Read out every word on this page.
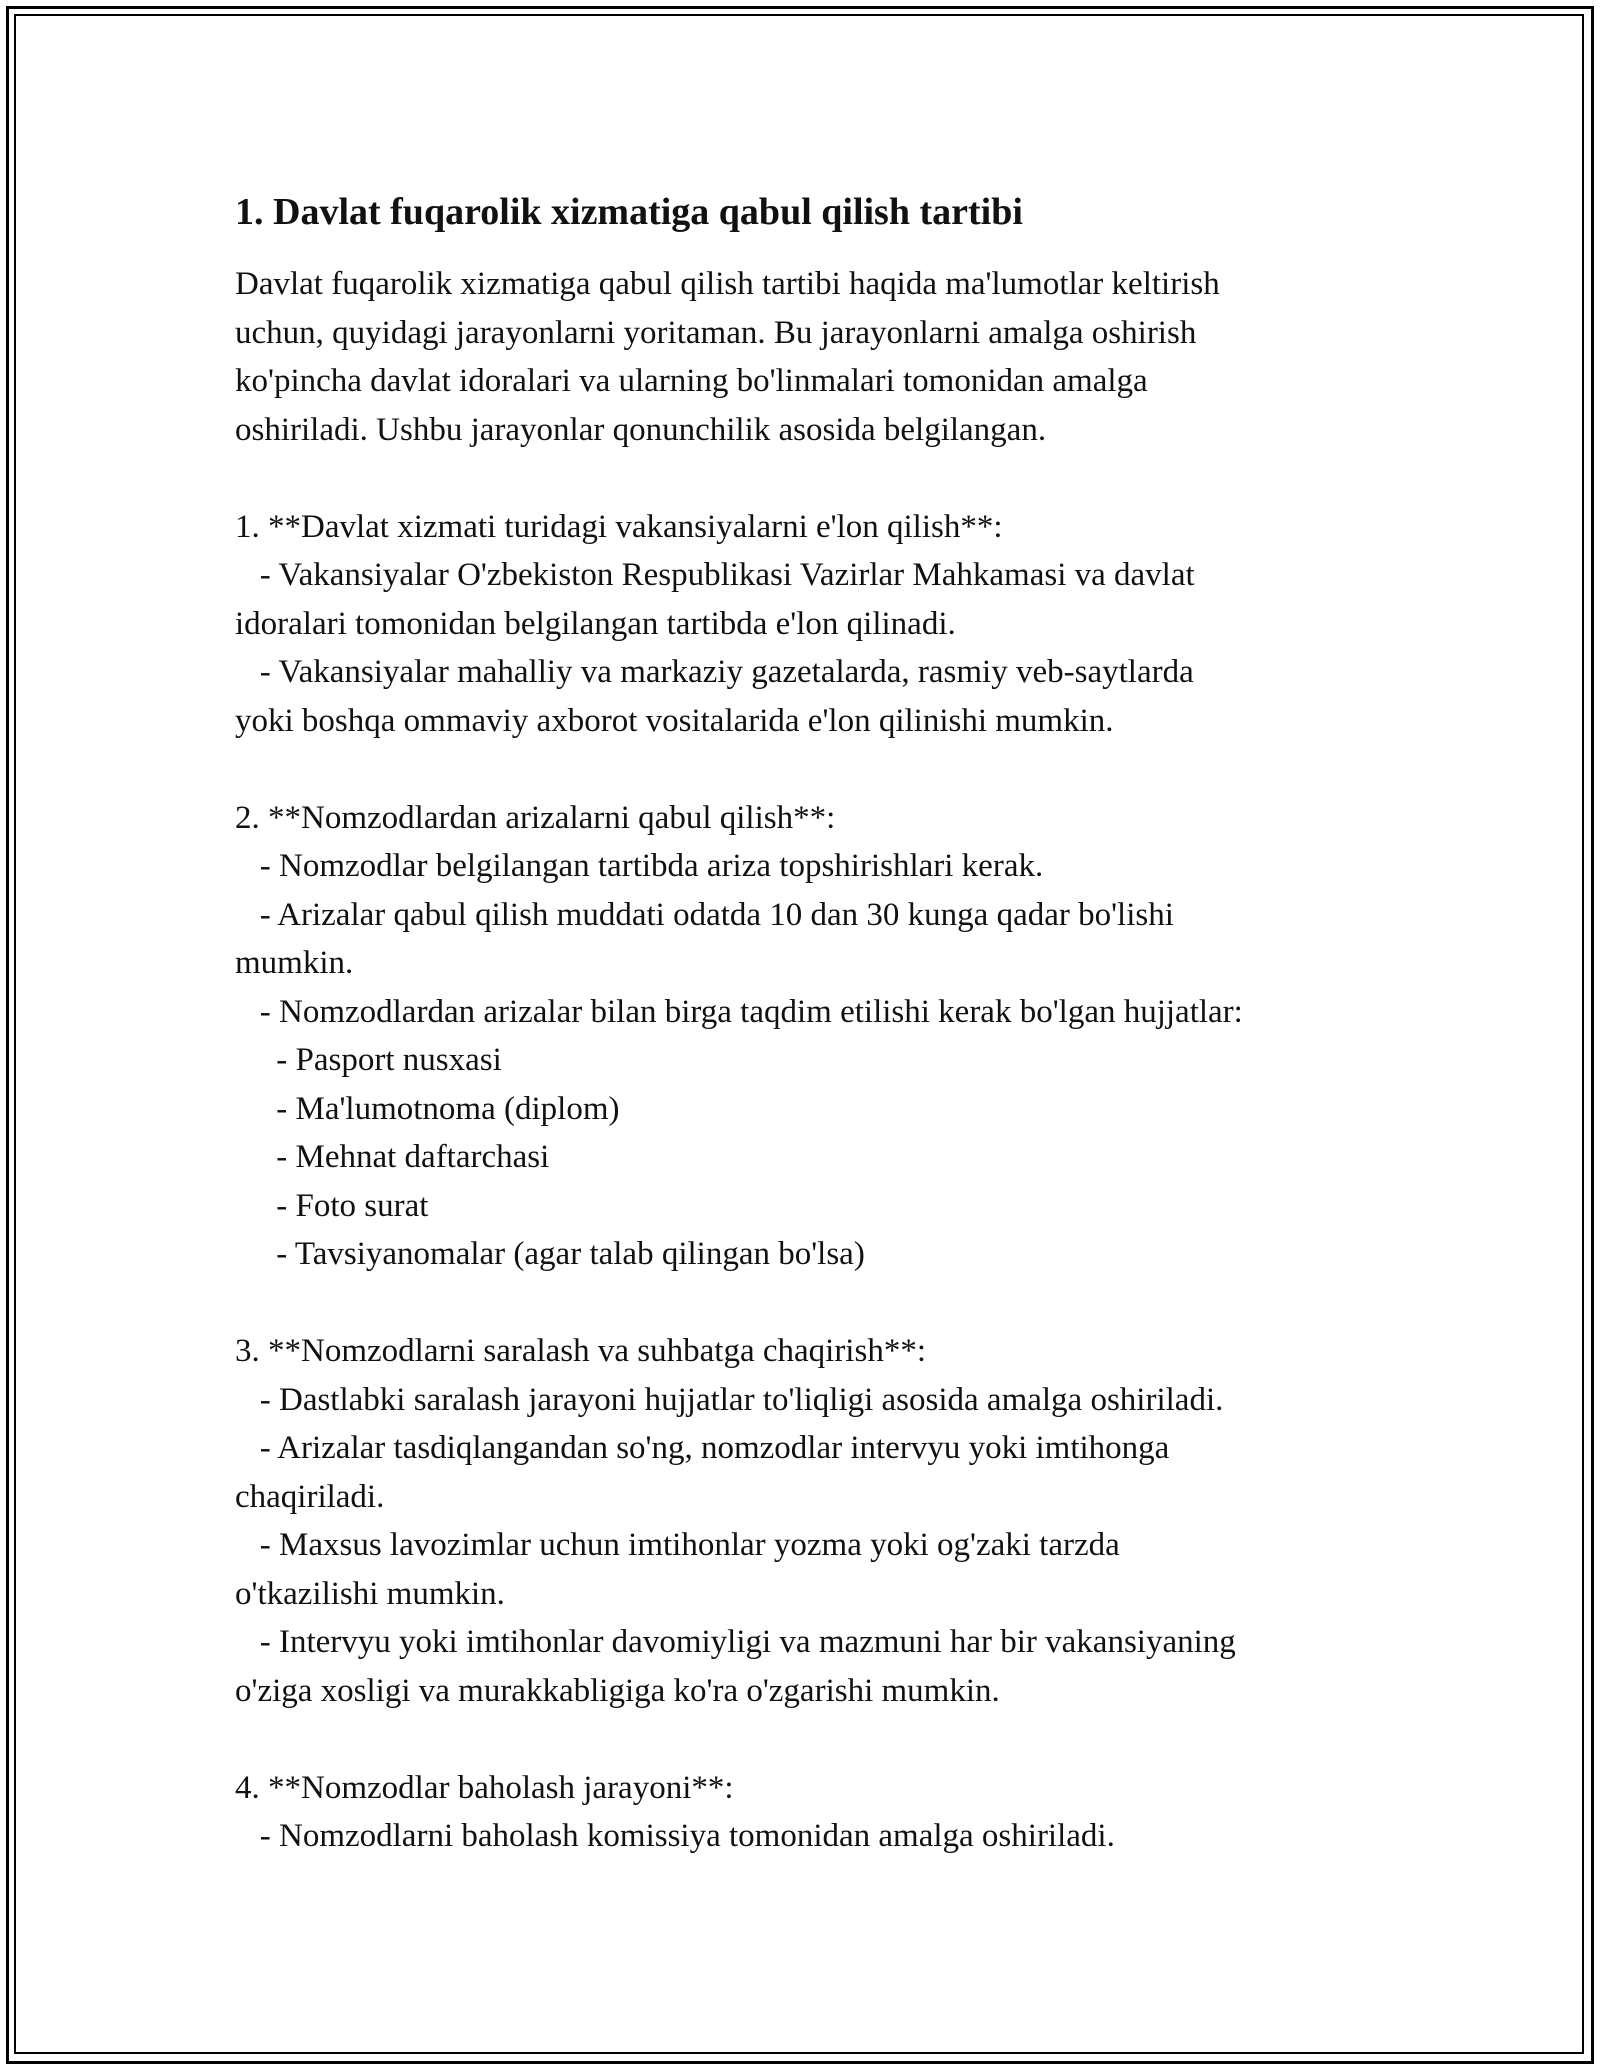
1. Davlat fuqarolik xizmatiga qabul qilish tartibi
Davlat fuqarolik xizmatiga qabul qilish tartibi haqida ma'lumotlar keltirish
uchun, quyidagi jarayonlarni yoritaman. Bu jarayonlarni amalga oshirish
ko'pincha davlat idoralari va ularning bo'linmalari tomonidan amalga
oshiriladi. Ushbu jarayonlar qonunchilik asosida belgilangan.
1. **Davlat xizmati turidagi vakansiyalarni e'lon qilish**:
- Vakansiyalar O'zbekiston Respublikasi Vazirlar Mahkamasi va davlat
idoralari tomonidan belgilangan tartibda e'lon qilinadi.
- Vakansiyalar mahalliy va markaziy gazetalarda, rasmiy veb-saytlarda
yoki boshqa ommaviy axborot vositalarida e'lon qilinishi mumkin.
2. **Nomzodlardan arizalarni qabul qilish**:
- Nomzodlar belgilangan tartibda ariza topshirishlari kerak.
- Arizalar qabul qilish muddati odatda 10 dan 30 kunga qadar bo'lishi
mumkin.
- Nomzodlardan arizalar bilan birga taqdim etilishi kerak bo'lgan hujjatlar:
- Pasport nusxasi
- Ma'lumotnoma (diplom)
- Mehnat daftarchasi
- Foto surat
- Tavsiyanomalar (agar talab qilingan bo'lsa)
3. **Nomzodlarni saralash va suhbatga chaqirish**:
- Dastlabki saralash jarayoni hujjatlar to'liqligi asosida amalga oshiriladi.
- Arizalar tasdiqlangandan so'ng, nomzodlar intervyu yoki imtihonga
chaqiriladi.
- Maxsus lavozimlar uchun imtihonlar yozma yoki og'zaki tarzda
o'tkazilishi mumkin.
- Intervyu yoki imtihonlar davomiyligi va mazmuni har bir vakansiyaning
o'ziga xosligi va murakkabligiga ko'ra o'zgarishi mumkin.
4. **Nomzodlar baholash jarayoni**:
- Nomzodlarni baholash komissiya tomonidan amalga oshiriladi.
